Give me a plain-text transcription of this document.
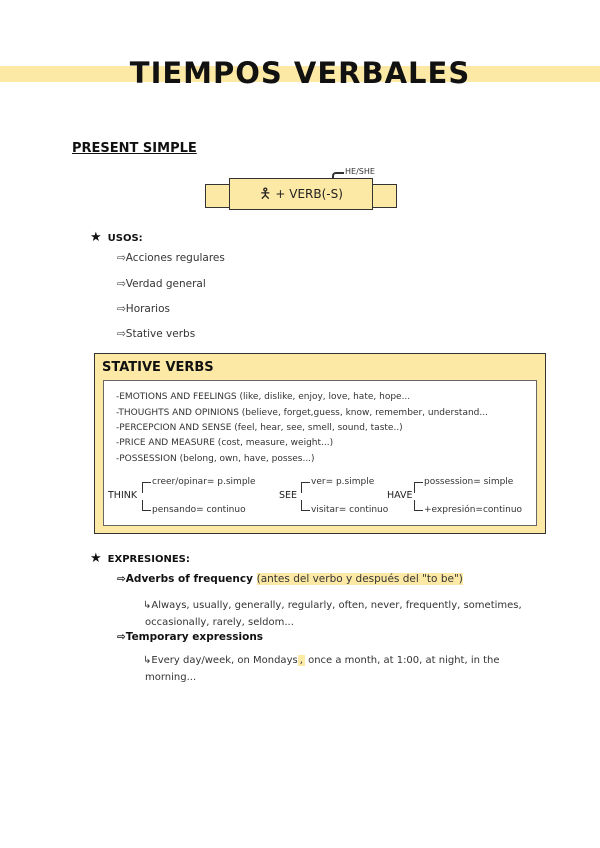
TIEMPOS VERBALES
PRESENT SIMPLE
HE/SHE
🯅 + VERB(-S)
★ USOS:
⇨Acciones regulares
⇨Verdad general
⇨Horarios
⇨Stative verbs
STATIVE VERBS
-EMOTIONS AND FEELINGS (like, dislike, enjoy, love, hate, hope...
-THOUGHTS AND OPINIONS (believe, forget,guess, know, remember, understand...
-PERCEPCION AND SENSE (feel, hear, see, smell, sound, taste..)
-PRICE AND MEASURE (cost, measure, weight...)
-POSSESSION (belong, own, have, posses...)
THINK
creer/opinar= p.simple
pensando= continuo
SEE
ver= p.simple
visitar= continuo
HAVE
possession= simple
+expresión=continuo
★ EXPRESIONES:
⇨Adverbs of frequency (antes del verbo y después del "to be")
↳Always, usually, generally, regularly, often, never, frequently, sometimes,
occasionally, rarely, seldom...
⇨Temporary expressions
↳Every day/week, on Mondays , once a month, at 1:00, at night, in the
morning...
